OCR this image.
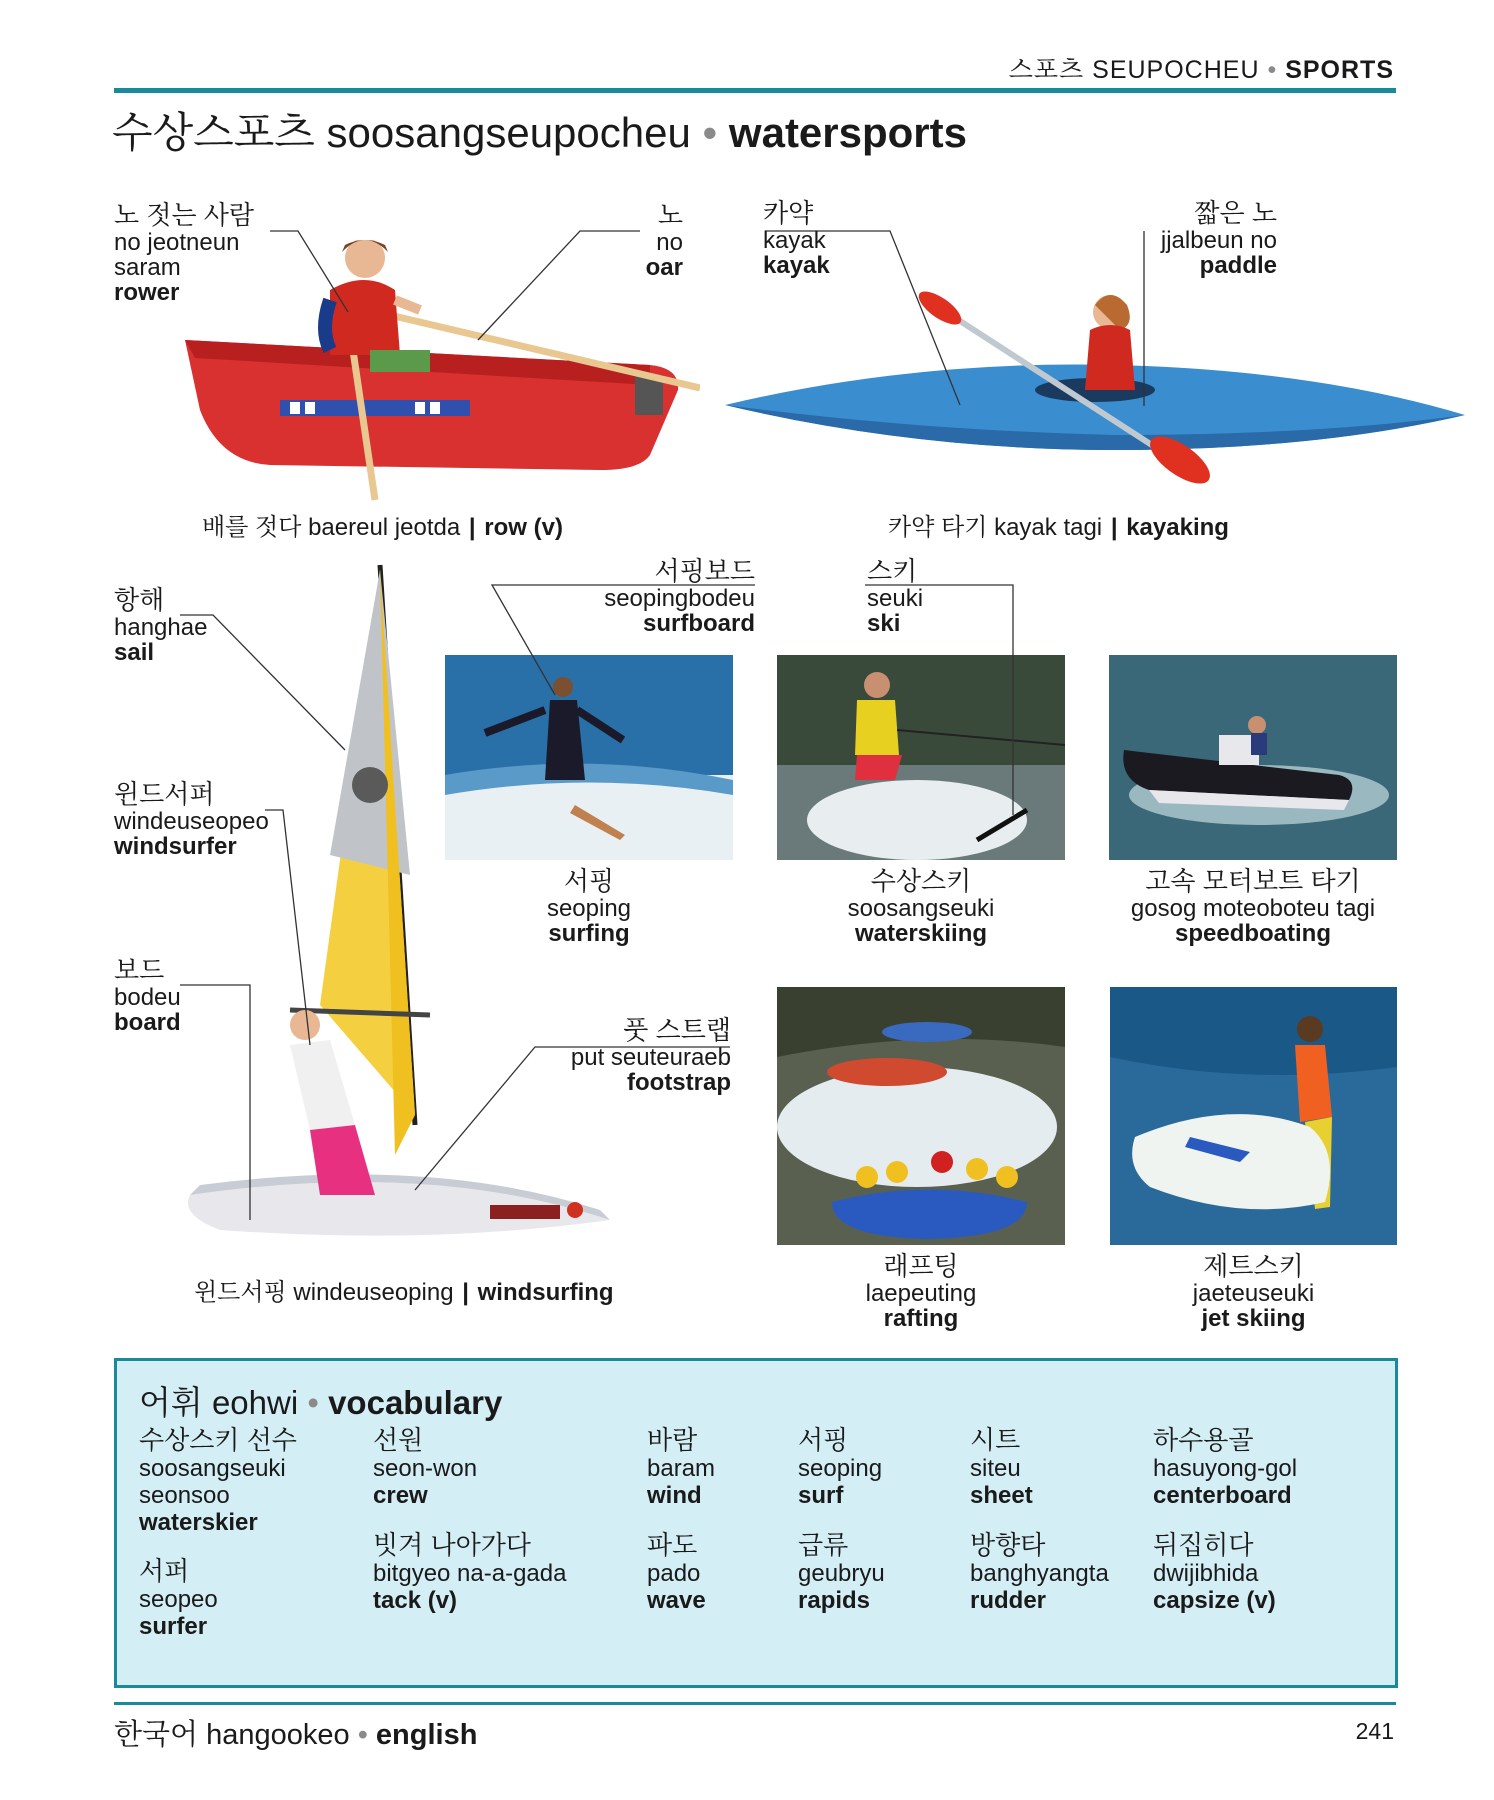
스포츠 SEUPOCHEU • SPORTS
수상스포츠 soosangseupocheu • watersports
노 젓는 사람
no jeotneun
saram
rower
노
no
oar
카약
kayak
kayak
짧은 노
jjalbeun no
paddle
항해
hanghae
sail
윈드서퍼
windeuseopeo
windsurfer
보드
bodeu
board	풋 스트랩
put seuteuraeb
footstrap
서핑보드
seopingbodeu
surfboard
스키
seuki
ski
배를 젓다 baereul jeotda | row (v)	카약 타기 kayak tagi | kayaking
윈드서핑 windeuseoping | windsurfing
서핑
seoping
surfing
수상스키
soosangseuki
waterskiing
고속 모터보트 타기
gosog moteoboteu tagi
speedboating
래프팅
laepeuting
rafting
제트스키
jaeteuseuki
jet skiing
어휘 eohwi • vocabulary
수상스키 선수
soosangseuki
seonsoo
waterskier
서퍼
seopeo
surfer
선원
seon-won
crew
빗겨 나아가다
bitgyeo na-a-gada
tack (v)
바람
baram
wind
파도
pado
wave
서핑
seoping
surf
급류
geubryu
rapids
시트
siteu
sheet
방향타
banghyangta
rudder
하수용골
hasuyong-gol
centerboard
뒤집히다
dwijibhida
capsize (v)
한국어 hangookeo • english	241
